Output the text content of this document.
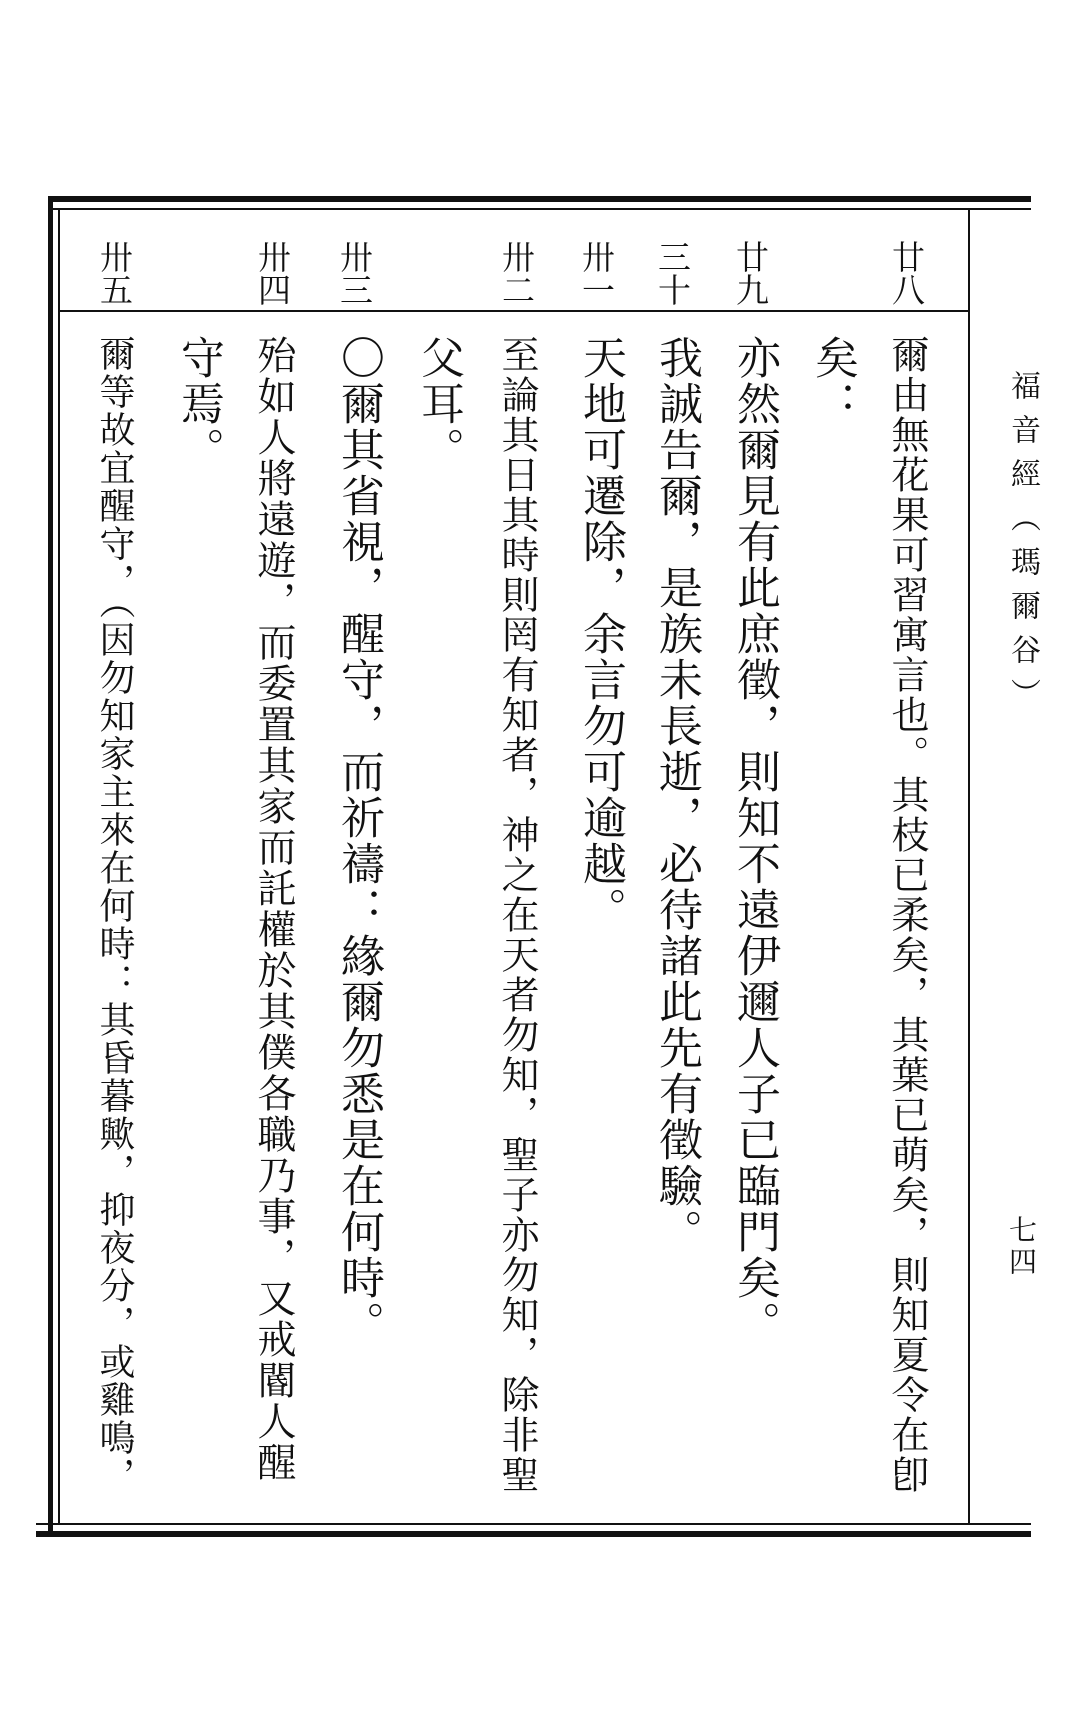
廿八
廿九
三十
卅一
卅二
卅三
卅四
卅五
爾由無花果可習寓言也。其枝已柔矣，其葉已萌矣，則知夏令在卽
矣：
亦然爾見有此庶徵，則知不遠伊邇人子已臨門矣。
我誠告爾，是族未長逝，必待諸此先有徵驗。
天地可遷除，余言勿可逾越。
至論其日其時則罔有知者，神之在天者勿知，聖子亦勿知，除非聖
父耳。
〇爾其省視，醒守，而祈禱：緣爾勿悉是在何時。
殆如人將遠遊，而委置其家而託權於其僕各職乃事，又戒閽人醒
守焉。
爾等故宜醒守，（因勿知家主來在何時：其昏暮歟，抑夜分，或雞鳴，	福音經（瑪爾谷）
七四
